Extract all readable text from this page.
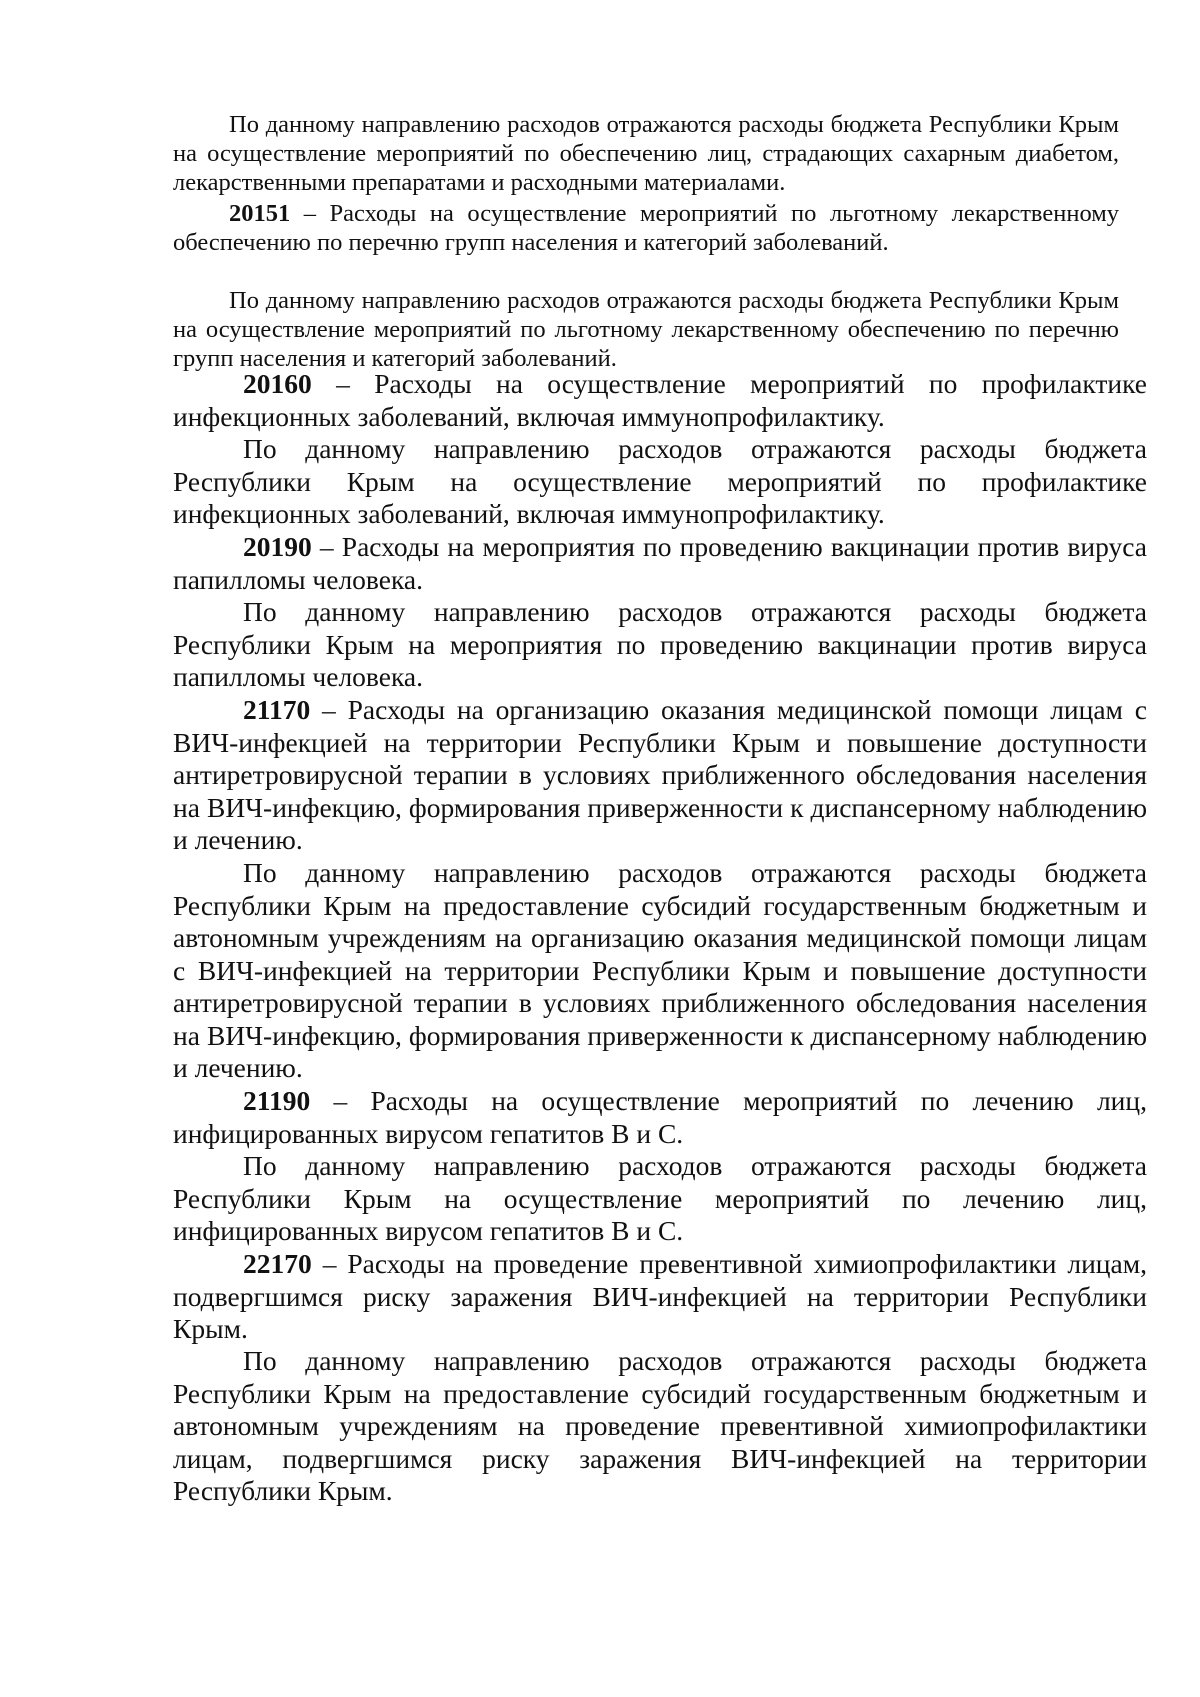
По данному направлению расходов отражаются расходы бюджета Республики Крым на осуществление мероприятий по обеспечению лиц, страдающих сахарным диабетом, лекарственными препаратами и расходными материалами.

20151 – Расходы на осуществление мероприятий по льготному лекарственному обеспечению по перечню групп населения и категорий заболеваний.

По данному направлению расходов отражаются расходы бюджета Республики Крым на осуществление мероприятий по льготному лекарственному обеспечению по перечню групп населения и категорий заболеваний.

20160 – Расходы на осуществление мероприятий по профилактике инфекционных заболеваний, включая иммунопрофилактику.

По данному направлению расходов отражаются расходы бюджета Республики Крым на осуществление мероприятий по профилактике инфекционных заболеваний, включая иммунопрофилактику.

20190 – Расходы на мероприятия по проведению вакцинации против вируса папилломы человека.

По данному направлению расходов отражаются расходы бюджета Республики Крым на мероприятия по проведению вакцинации против вируса папилломы человека.

21170 – Расходы на организацию оказания медицинской помощи лицам с ВИЧ-инфекцией на территории Республики Крым и повышение доступности антиретровирусной терапии в условиях приближенного обследования населения на ВИЧ-инфекцию, формирования приверженности к диспансерному наблюдению и лечению.

По данному направлению расходов отражаются расходы бюджета Республики Крым на предоставление субсидий государственным бюджетным и автономным учреждениям на организацию оказания медицинской помощи лицам с ВИЧ-инфекцией на территории Республики Крым и повышение доступности антиретровирусной терапии в условиях приближенного обследования населения на ВИЧ-инфекцию, формирования приверженности к диспансерному наблюдению и лечению.

21190 – Расходы на осуществление мероприятий по лечению лиц, инфицированных вирусом гепатитов В и С.

По данному направлению расходов отражаются расходы бюджета Республики Крым на осуществление мероприятий по лечению лиц, инфицированных вирусом гепатитов В и С.

22170 – Расходы на проведение превентивной химиопрофилактики лицам, подвергшимся риску заражения ВИЧ-инфекцией на территории Республики Крым.

По данному направлению расходов отражаются расходы бюджета Республики Крым на предоставление субсидий государственным бюджетным и автономным учреждениям на проведение превентивной химиопрофилактики лицам, подвергшимся риску заражения ВИЧ-инфекцией на территории Республики Крым.
